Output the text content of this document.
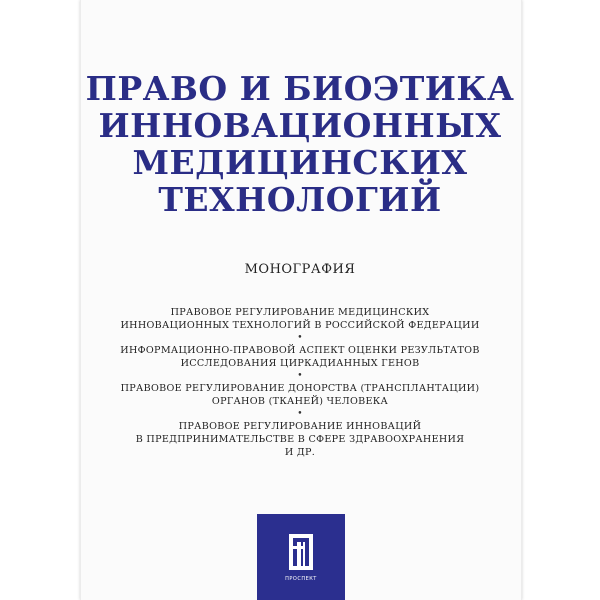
ПРАВО И БИОЭТИКА
ИННОВАЦИОННЫХ
МЕДИЦИНСКИХ
ТЕХНОЛОГИЙ
МОНОГРАФИЯ
ПРАВОВОЕ РЕГУЛИРОВАНИЕ МЕДИЦИНСКИХ
ИННОВАЦИОННЫХ ТЕХНОЛОГИЙ В РОССИЙСКОЙ ФЕДЕРАЦИИ
•
ИНФОРМАЦИОННО-ПРАВОВОЙ АСПЕКТ ОЦЕНКИ РЕЗУЛЬТАТОВ
ИССЛЕДОВАНИЯ ЦИРКАДИАННЫХ ГЕНОВ
•
ПРАВОВОЕ РЕГУЛИРОВАНИЕ ДОНОРСТВА (ТРАНСПЛАНТАЦИИ)
ОРГАНОВ (ТКАНЕЙ) ЧЕЛОВЕКА
•
ПРАВОВОЕ РЕГУЛИРОВАНИЕ ИННОВАЦИЙ
В ПРЕДПРИНИМАТЕЛЬСТВЕ В СФЕРЕ ЗДРАВООХРАНЕНИЯ
И ДР.
ПРОСПЕКТ
